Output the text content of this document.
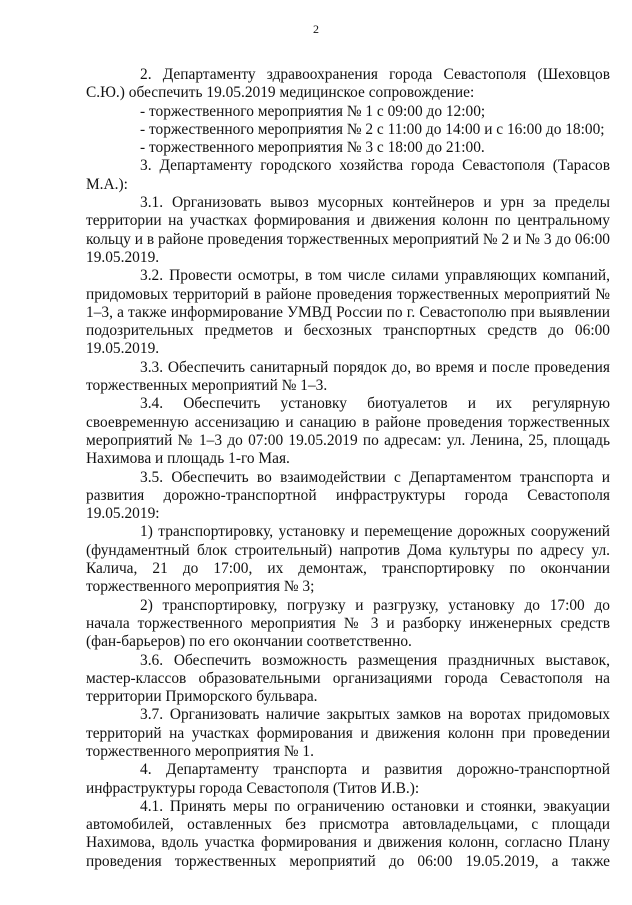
2

2. Департаменту здравоохранения города Севастополя (Шеховцов С.Ю.) обеспечить 19.05.2019 медицинское сопровождение:

- торжественного мероприятия № 1 с 09:00 до 12:00;

- торжественного мероприятия № 2 с 11:00 до 14:00 и с 16:00 до 18:00;

- торжественного мероприятия № 3 с 18:00 до 21:00.

3. Департаменту городского хозяйства города Севастополя (Тарасов М.А.):

3.1. Организовать вывоз мусорных контейнеров и урн за пределы территории на участках формирования и движения колонн по центральному кольцу и в районе проведения торжественных мероприятий № 2 и № 3 до 06:00 19.05.2019.

3.2. Провести осмотры, в том числе силами управляющих компаний, придомовых территорий в районе проведения торжественных мероприятий № 1–3, а также информирование УМВД России по г. Севастополю при выявлении подозрительных предметов и бесхозных транспортных средств до 06:00 19.05.2019.

3.3. Обеспечить санитарный порядок до, во время и после проведения торжественных мероприятий № 1–3.

3.4. Обеспечить установку биотуалетов и их регулярную своевременную ассенизацию и санацию в районе проведения торжественных мероприятий № 1–3 до 07:00 19.05.2019 по адресам: ул. Ленина, 25, площадь Нахимова и площадь 1-го Мая.

3.5. Обеспечить во взаимодействии с Департаментом транспорта и развития дорожно-транспортной инфраструктуры города Севастополя 19.05.2019:

1) транспортировку, установку и перемещение дорожных сооружений (фундаментный блок строительный) напротив Дома культуры по адресу ул. Калича, 21 до 17:00, их демонтаж, транспортировку по окончании торжественного мероприятия № 3;

2) транспортировку, погрузку и разгрузку, установку до 17:00 до начала торжественного мероприятия № 3 и разборку инженерных средств (фан-барьеров) по его окончании соответственно.

3.6. Обеспечить возможность размещения праздничных выставок, мастер-классов образовательными организациями города Севастополя на территории Приморского бульвара.

3.7. Организовать наличие закрытых замков на воротах придомовых территорий на участках формирования и движения колонн при проведении торжественного мероприятия № 1.

4. Департаменту транспорта и развития дорожно-транспортной инфраструктуры города Севастополя (Титов И.В.):

4.1. Принять меры по ограничению остановки и стоянки, эвакуации автомобилей, оставленных без присмотра автовладельцами, с площади Нахимова, вдоль участка формирования и движения колонн, согласно Плану проведения торжественных мероприятий до 06:00 19.05.2019, а также
